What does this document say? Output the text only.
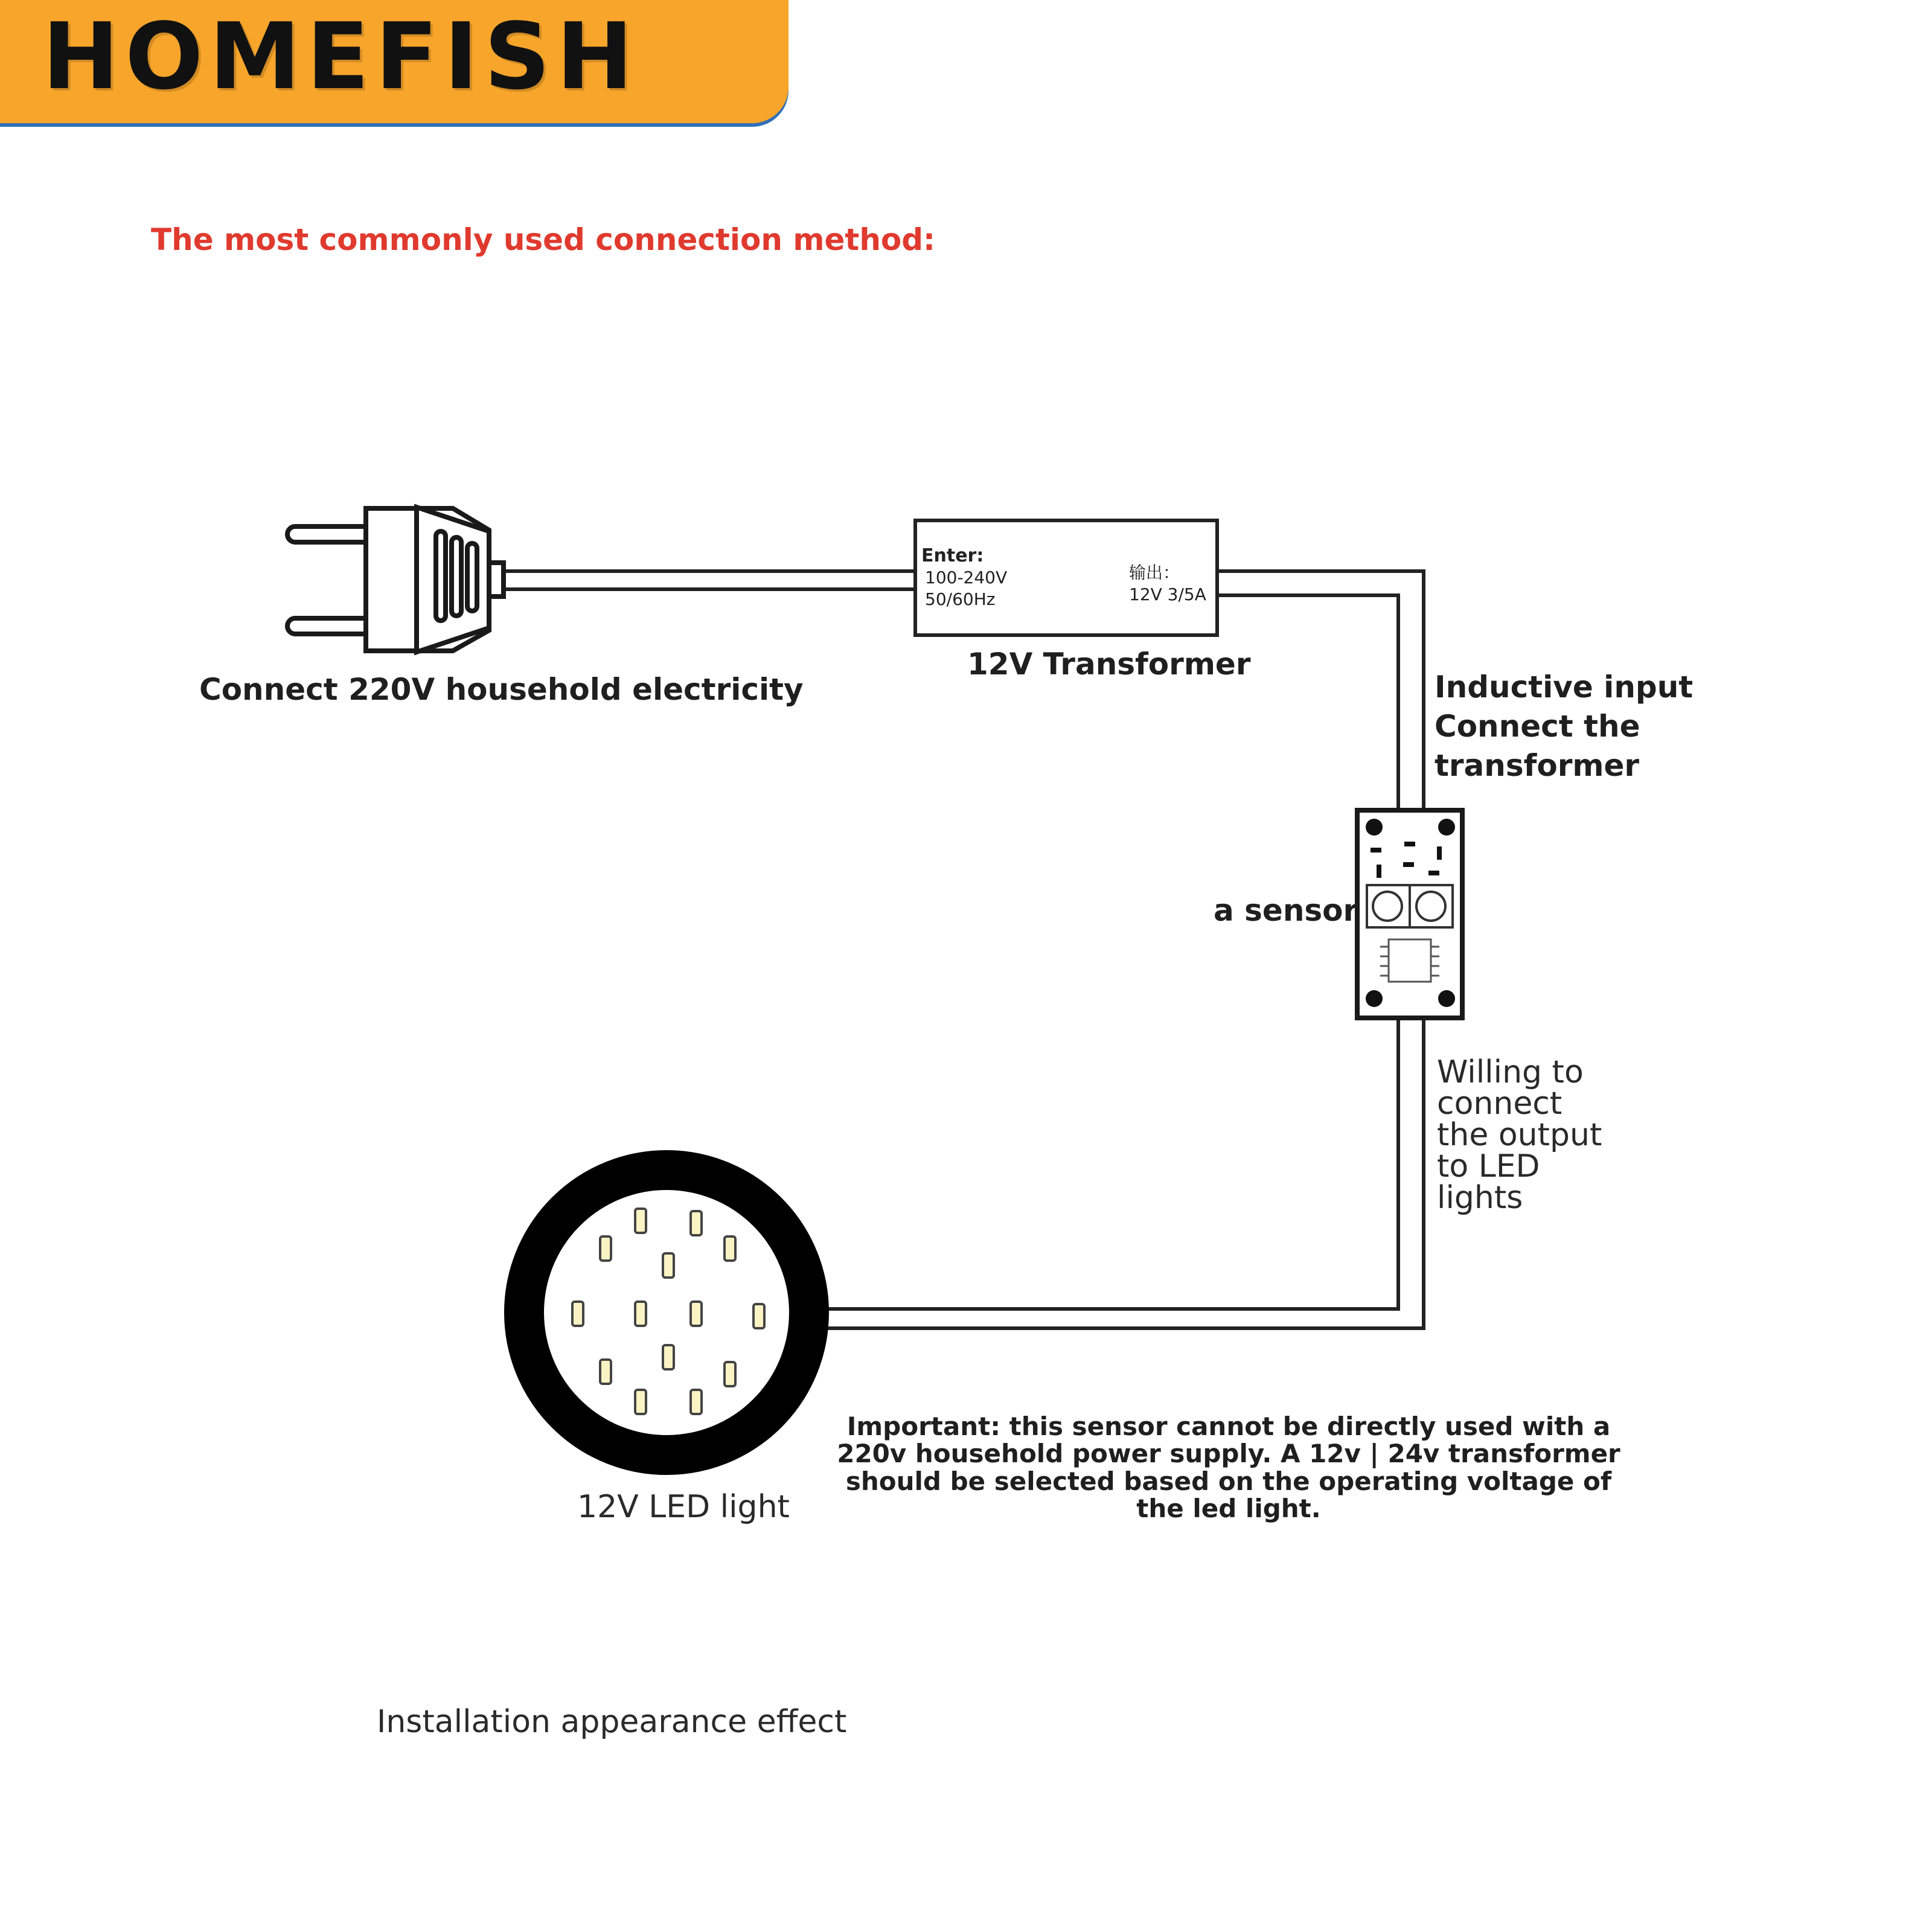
HOMEFISH
The most commonly used connection method:
Enter:
100-240V
50/60Hz
输出：
12V 3/5A
Connect 220V household electricity
12V Transformer
Inductive input
Connect the
transformer
a sensor
Willing to
connect
the output
to LED
lights
12V LED light
Important: this sensor cannot be directly used with a 220v household power supply. A 12v | 24v transformer should be selected based on the operating voltage of the led light.
Installation appearance effect
